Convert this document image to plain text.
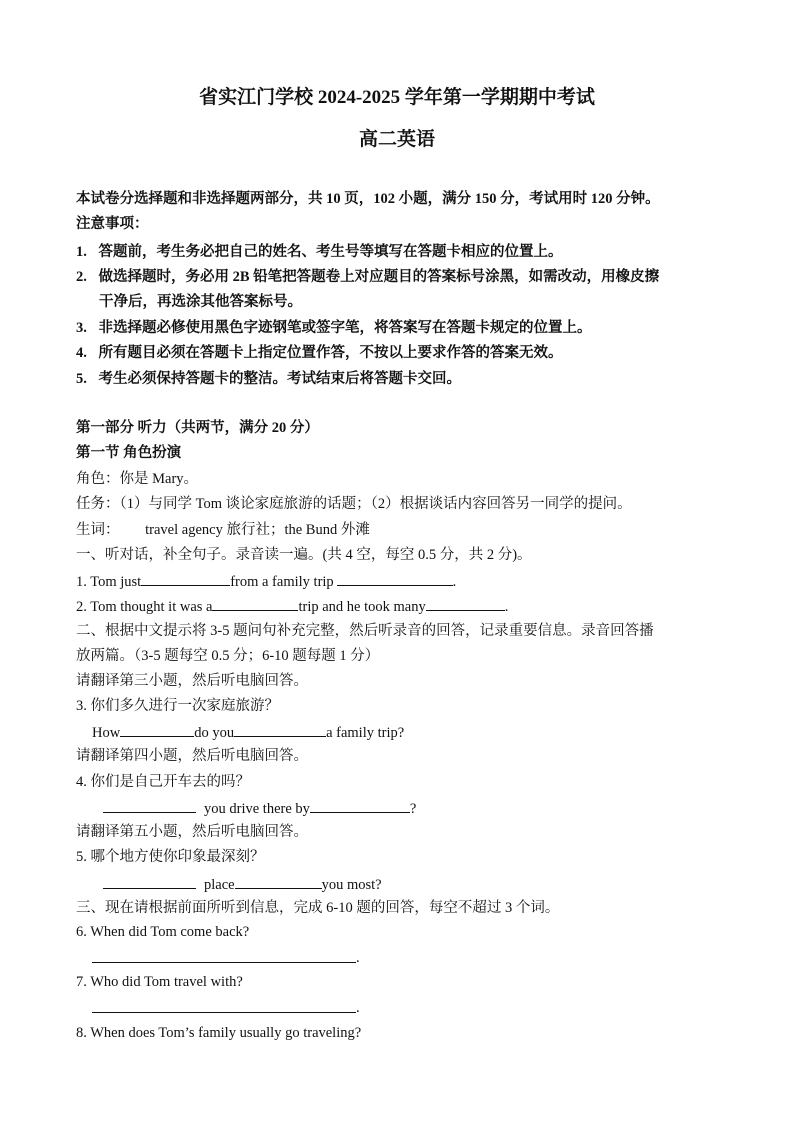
省实江门学校 2024-2025 学年第一学期期中考试
高二英语
本试卷分选择题和非选择题两部分，共 10 页，102 小题，满分 150 分，考试用时 120 分钟。
注意事项：
1. 答题前，考生务必把自己的姓名、考生号等填写在答题卡相应的位置上。
2. 做选择题时，务必用 2B 铅笔把答题卷上对应题目的答案标号涂黑，如需改动，用橡皮擦
干净后，再选涂其他答案标号。
3. 非选择题必修使用黑色字迹钢笔或签字笔，将答案写在答题卡规定的位置上。
4. 所有题目必须在答题卡上指定位置作答，不按以上要求作答的答案无效。
5. 考生必须保持答题卡的整洁。考试结束后将答题卡交回。
第一部分 听力（共两节，满分 20 分）
第一节 角色扮演
角色：你是 Mary。
任务：（1）与同学 Tom 谈论家庭旅游的话题；（2）根据谈话内容回答另一同学的提问。
生词： travel agency 旅行社；the Bund 外滩
一、听对话，补全句子。录音读一遍。(共 4 空，每空 0.5 分，共 2 分)。
1. Tom just	from a family trip	.
2. Tom thought it was a	trip and he took many	.
二、根据中文提示将 3-5 题问句补充完整，然后听录音的回答，记录重要信息。录音回答播
放两篇。（3-5 题每空 0.5 分；6-10 题每题 1 分）
请翻译第三小题，然后听电脑回答。
3. 你们多久进行一次家庭旅游？
How	do you	a family trip?
请翻译第四小题，然后听电脑回答。
4. 你们是自己开车去的吗？
you drive there by	?
请翻译第五小题，然后听电脑回答。
5. 哪个地方使你印象最深刻？
place	you most?
三、现在请根据前面所听到信息，完成 6-10 题的回答，每空不超过 3 个词。
6. When did Tom come back?
.
7. Who did Tom travel with?
.
8. When does Tom’s family usually go traveling?
